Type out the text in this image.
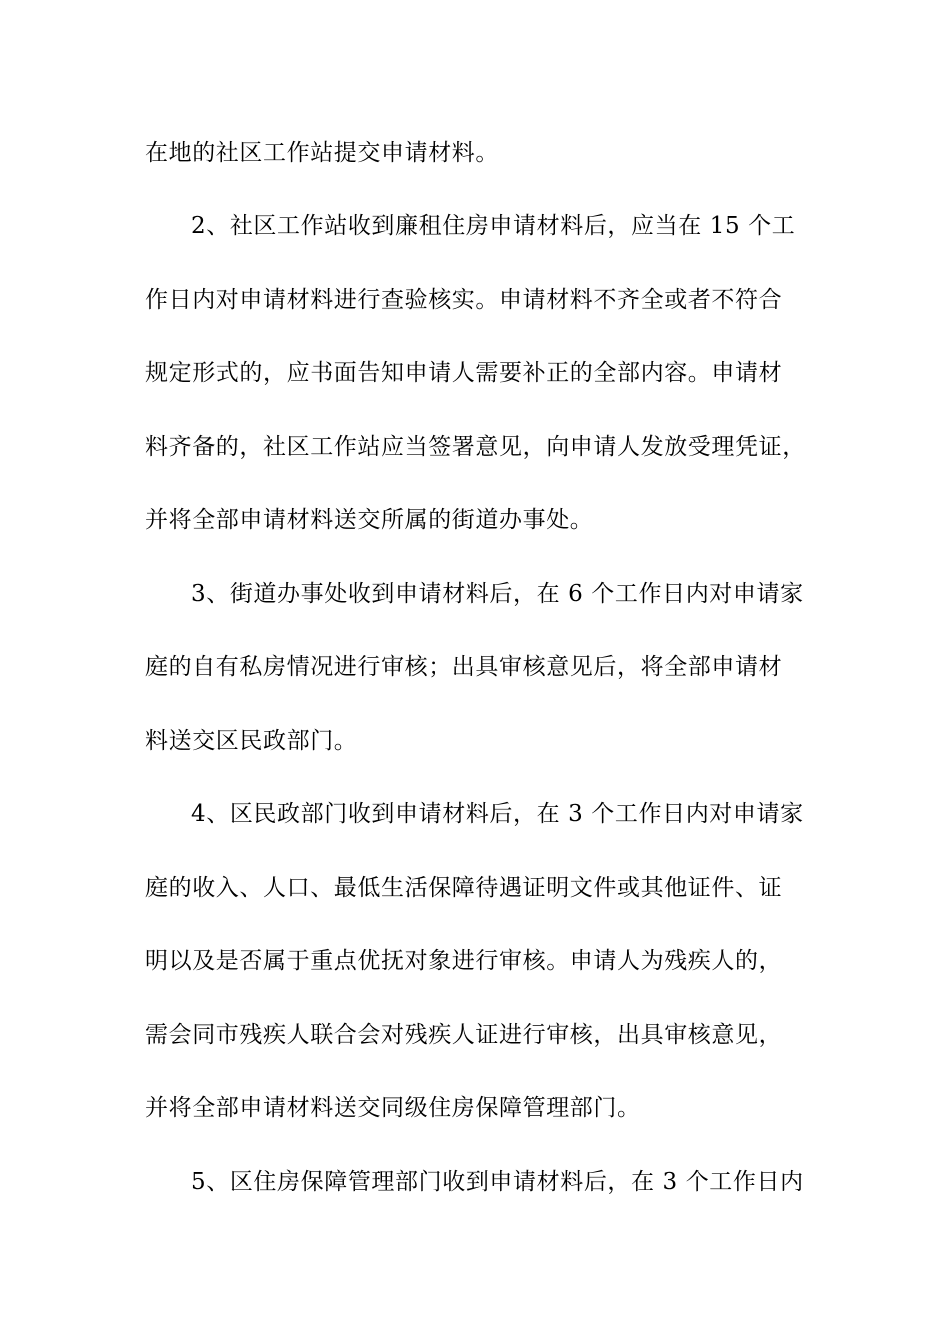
在地的社区工作站提交申请材料。
2、社区工作站收到廉租住房申请材料后，应当在 15 个工
作日内对申请材料进行查验核实。申请材料不齐全或者不符合
规定形式的，应书面告知申请人需要补正的全部内容。申请材
料齐备的，社区工作站应当签署意见，向申请人发放受理凭证，
并将全部申请材料送交所属的街道办事处。
3、街道办事处收到申请材料后，在 6 个工作日内对申请家
庭的自有私房情况进行审核；出具审核意见后，将全部申请材
料送交区民政部门。
4、区民政部门收到申请材料后，在 3 个工作日内对申请家
庭的收入、人口、最低生活保障待遇证明文件或其他证件、证
明以及是否属于重点优抚对象进行审核。申请人为残疾人的，
需会同市残疾人联合会对残疾人证进行审核，出具审核意见，
并将全部申请材料送交同级住房保障管理部门。
5、区住房保障管理部门收到申请材料后，在 3 个工作日内
